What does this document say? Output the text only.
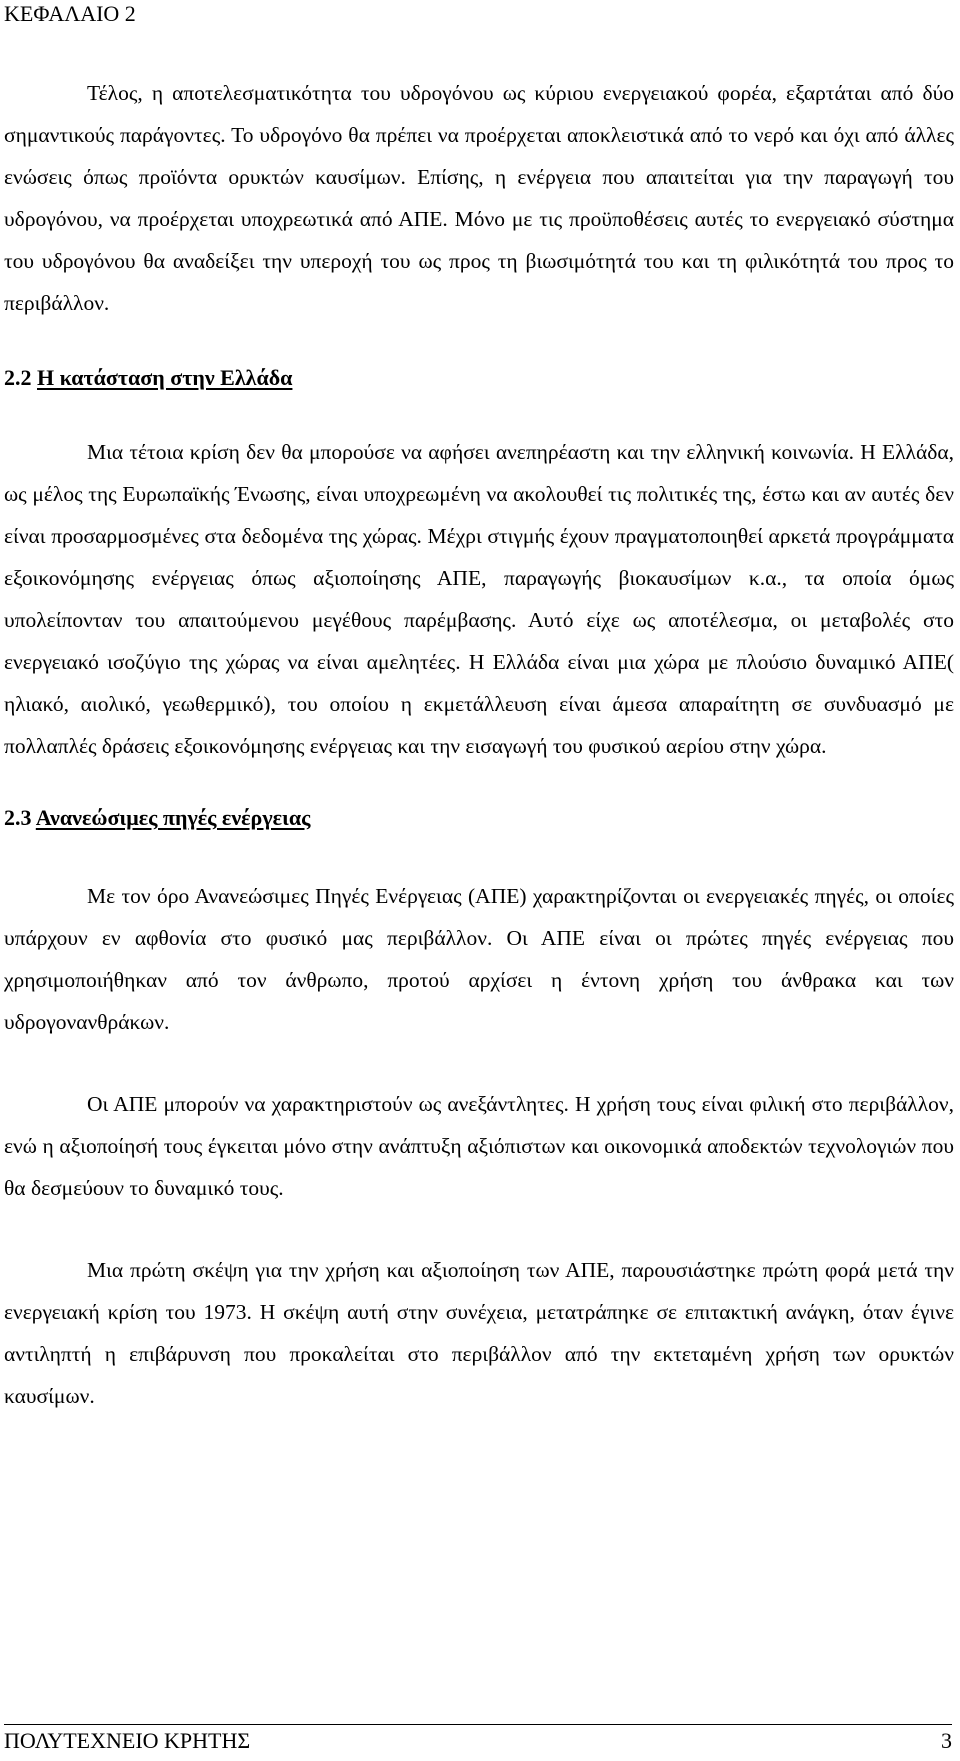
ΚΕΦΑΛΑΙΟ 2

Τέλος, η αποτελεσματικότητα του υδρογόνου ως κύριου ενεργειακού φορέα, εξαρτάται από δύο σημαντικούς παράγοντες. Το υδρογόνο θα πρέπει να προέρχεται αποκλειστικά από το νερό και όχι από άλλες ενώσεις όπως προϊόντα ορυκτών καυσίμων. Επίσης, η ενέργεια που απαιτείται για την παραγωγή του υδρογόνου, να προέρχεται υποχρεωτικά από ΑΠΕ. Μόνο με τις προϋποθέσεις αυτές το ενεργειακό σύστημα του υδρογόνου θα αναδείξει την υπεροχή του ως προς τη βιωσιμότητά του και τη φιλικότητά του προς το περιβάλλον.

2.2 Η κατάσταση στην Ελλάδα

Μια τέτοια κρίση δεν θα μπορούσε να αφήσει ανεπηρέαστη και την ελληνική κοινωνία. Η Ελλάδα, ως μέλος της Ευρωπαϊκής Ένωσης, είναι υποχρεωμένη να ακολουθεί τις πολιτικές της, έστω και αν αυτές δεν είναι προσαρμοσμένες στα δεδομένα της χώρας. Μέχρι στιγμής έχουν πραγματοποιηθεί αρκετά προγράμματα εξοικονόμησης ενέργειας όπως αξιοποίησης ΑΠΕ, παραγωγής βιοκαυσίμων κ.α., τα οποία όμως υπολείπονταν του απαιτούμενου μεγέθους παρέμβασης. Αυτό είχε ως αποτέλεσμα, οι μεταβολές στο ενεργειακό ισοζύγιο της χώρας να είναι αμελητέες. Η Ελλάδα είναι μια χώρα με πλούσιο δυναμικό ΑΠΕ( ηλιακό, αιολικό, γεωθερμικό), του οποίου η εκμετάλλευση είναι άμεσα απαραίτητη σε συνδυασμό με πολλαπλές δράσεις εξοικονόμησης ενέργειας και την εισαγωγή του φυσικού αερίου στην χώρα.

2.3 Ανανεώσιμες πηγές ενέργειας

Με τον όρο Ανανεώσιμες Πηγές Ενέργειας (ΑΠΕ) χαρακτηρίζονται οι ενεργειακές πηγές, οι οποίες υπάρχουν εν αφθονία στο φυσικό μας περιβάλλον. Οι ΑΠΕ είναι οι πρώτες πηγές ενέργειας που χρησιμοποιήθηκαν από τον άνθρωπο, προτού αρχίσει η έντονη χρήση του άνθρακα και των υδρογονανθράκων.

Οι ΑΠΕ μπορούν να χαρακτηριστούν ως ανεξάντλητες. Η χρήση τους είναι φιλική στο περιβάλλον, ενώ η αξιοποίησή τους έγκειται μόνο στην ανάπτυξη αξιόπιστων και οικονομικά αποδεκτών τεχνολογιών που θα δεσμεύουν το δυναμικό τους.

Μια πρώτη σκέψη για την χρήση και αξιοποίηση των ΑΠΕ, παρουσιάστηκε πρώτη φορά μετά την ενεργειακή κρίση του 1973. Η σκέψη αυτή στην συνέχεια, μετατράπηκε σε επιτακτική ανάγκη, όταν έγινε αντιληπτή η επιβάρυνση που προκαλείται στο περιβάλλον από την εκτεταμένη χρήση των ορυκτών καυσίμων.

ΠΟΛΥΤΕΧΝΕΙΟ ΚΡΗΤΗΣ	3
